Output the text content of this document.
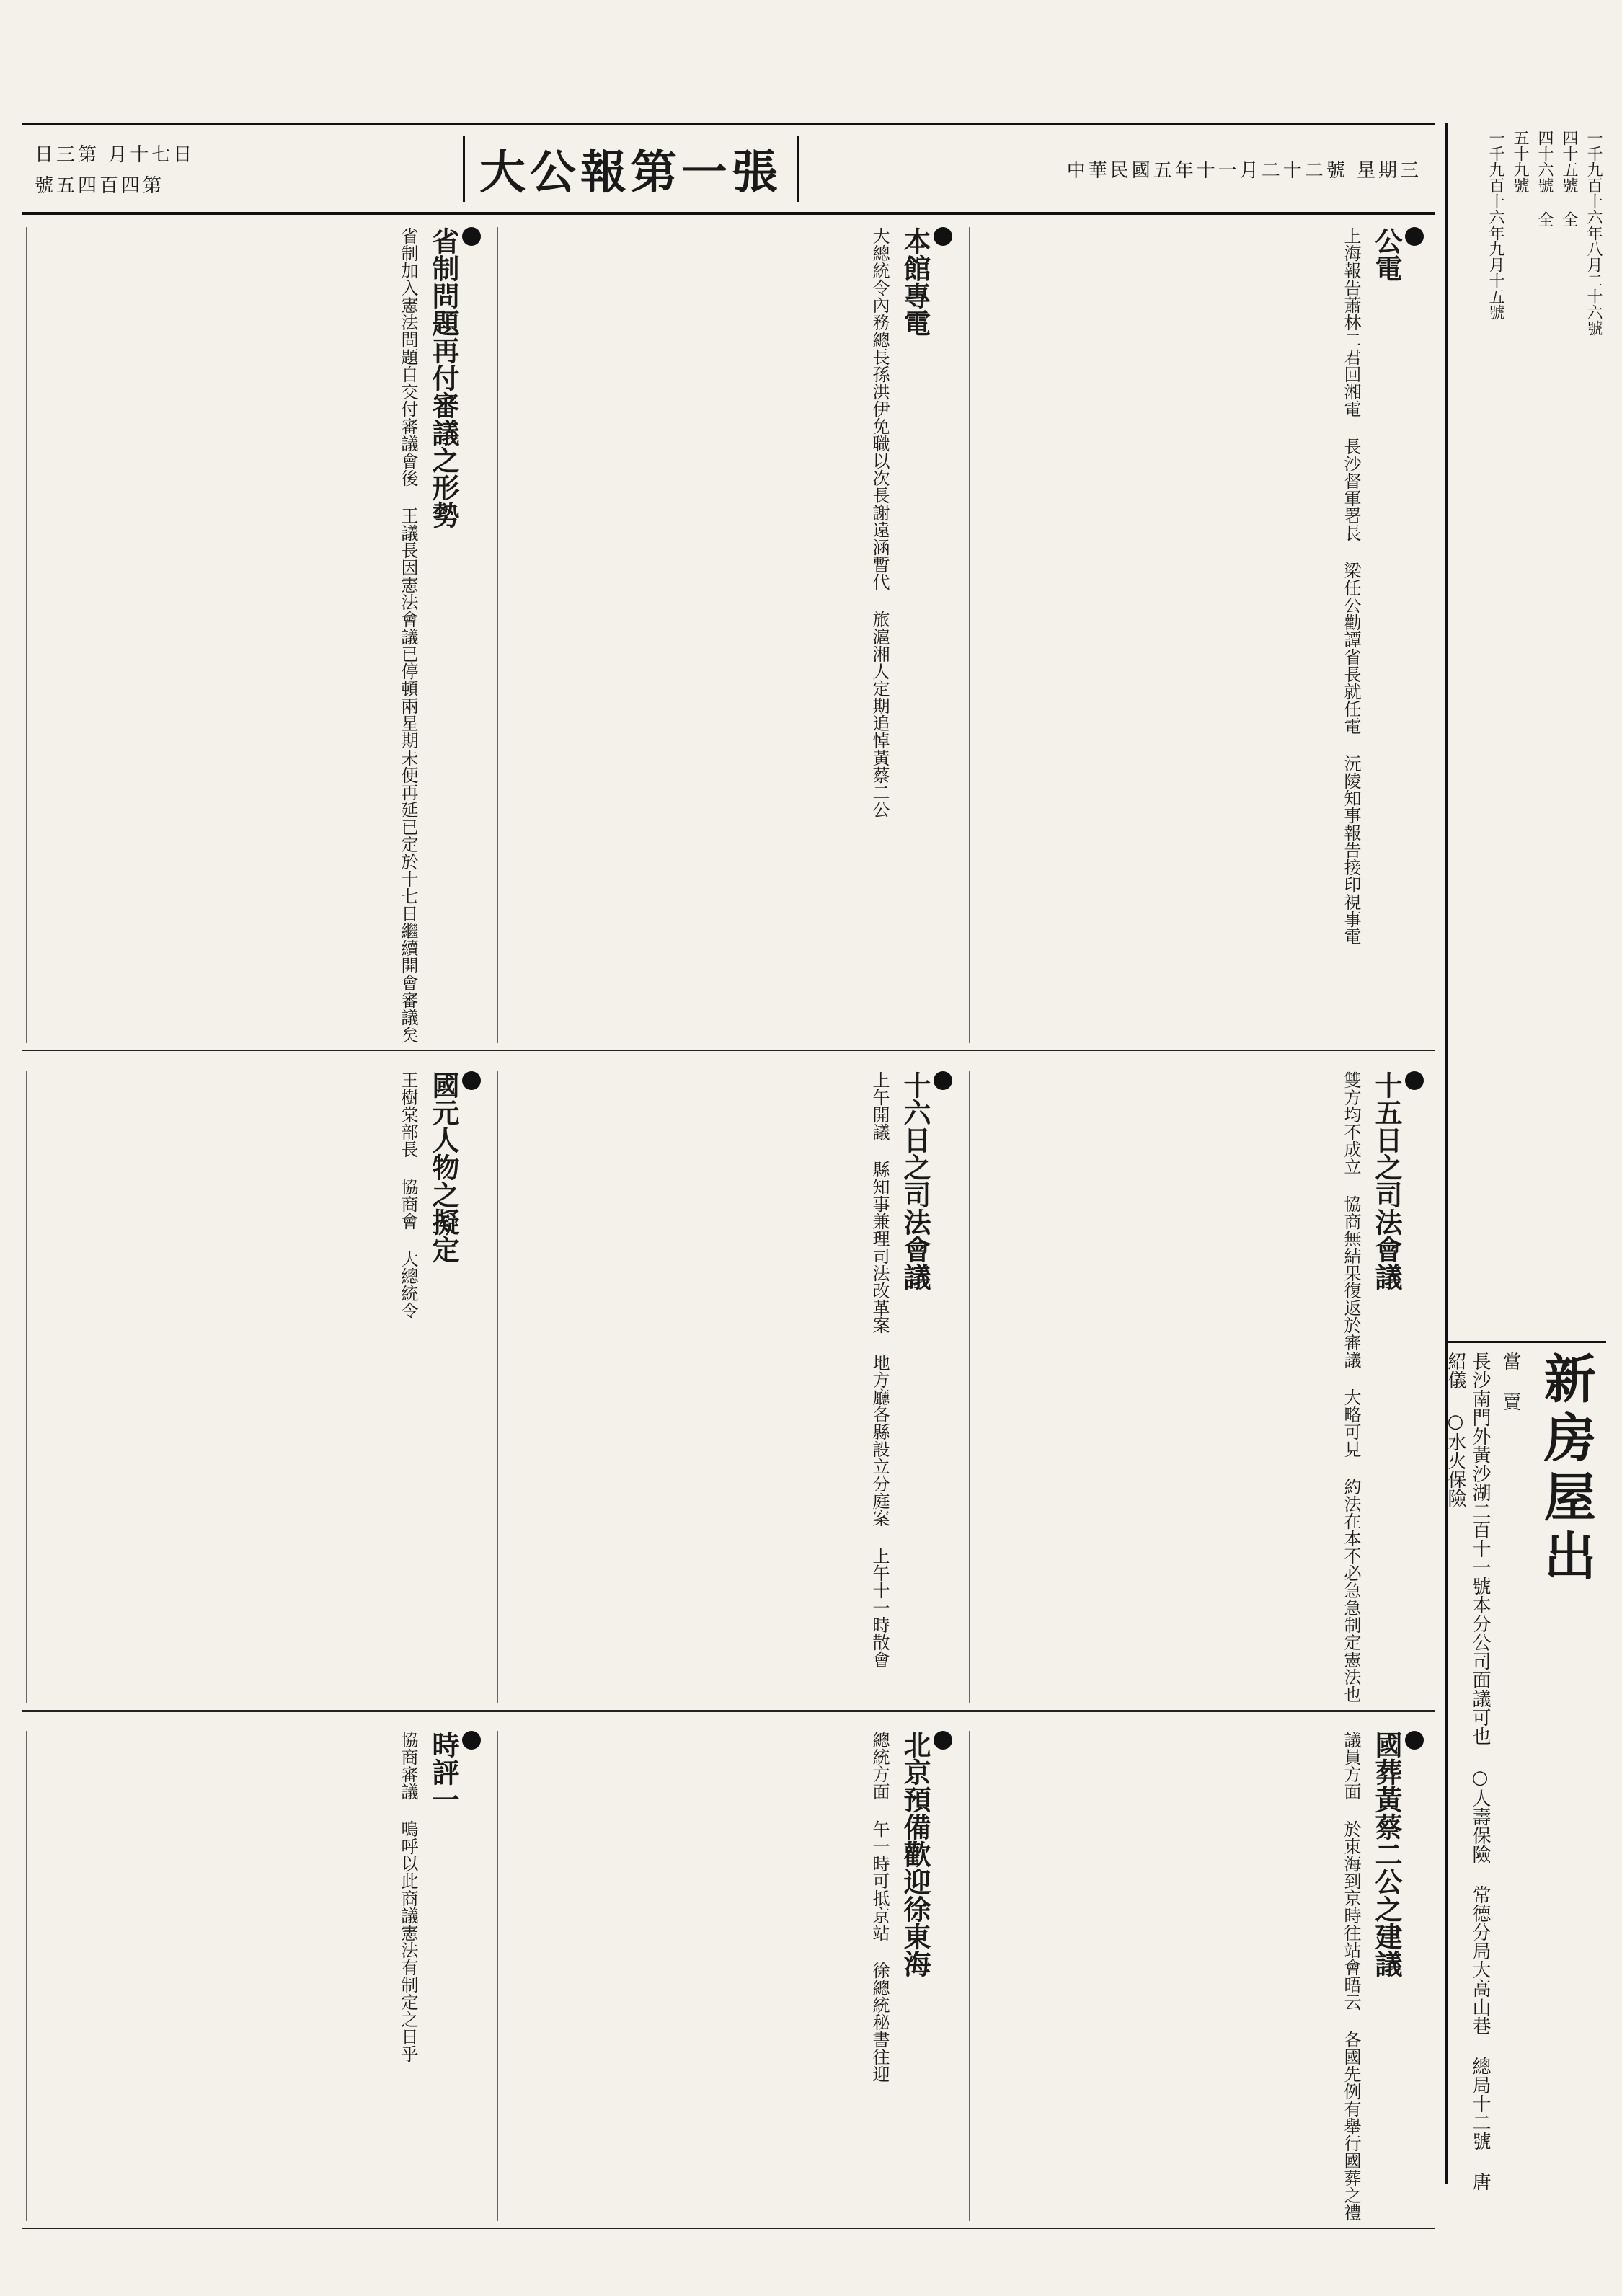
日三第 月十七日
號五四百四第	大公報第一張	中華民國五年十一月二十二號 星期三
公電
上海報告蕭林二君回湘電 長沙督軍署長 梁任公勸譚省長就任電 沅陵知事報告接印視事電
本館專電
大總統令內務總長孫洪伊免職以次長謝遠涵暫代 旅滬湘人定期追悼黃蔡二公
省制問題再付審議之形勢
省制加入憲法問題自交付審議會後 王議長因憲法會議已停頓兩星期未便再延已定於十七日繼續開會審議矣
十五日之司法會議
雙方均不成立 協商無結果復返於審議 大略可見 約法在本不必急急制定憲法也
十六日之司法會議
上午開議 縣知事兼理司法改革案 地方廳各縣設立分庭案 上午十一時散會
國元人物之擬定
王樹棠部長 協商會 大總統令
國葬黃蔡二公之建議
議員方面 於東海到京時往站會晤云 各國先例有舉行國葬之禮
北京預備歡迎徐東海
總統方面 午一時可抵京站 徐總統秘書往迎
時評一
協商審議 嗚呼以此商議憲法有制定之日乎
一千九百十六年八月二十六號
四十五號 全
四十六號 全
五十九號
一千九百十六年九月十五號
新房屋出
當 賣
長沙南門外黃沙湖二百十一號本分公司面議可也 ○人壽保險 常德分局大高山巷 總局十二號 唐紹儀 ○水火保險
